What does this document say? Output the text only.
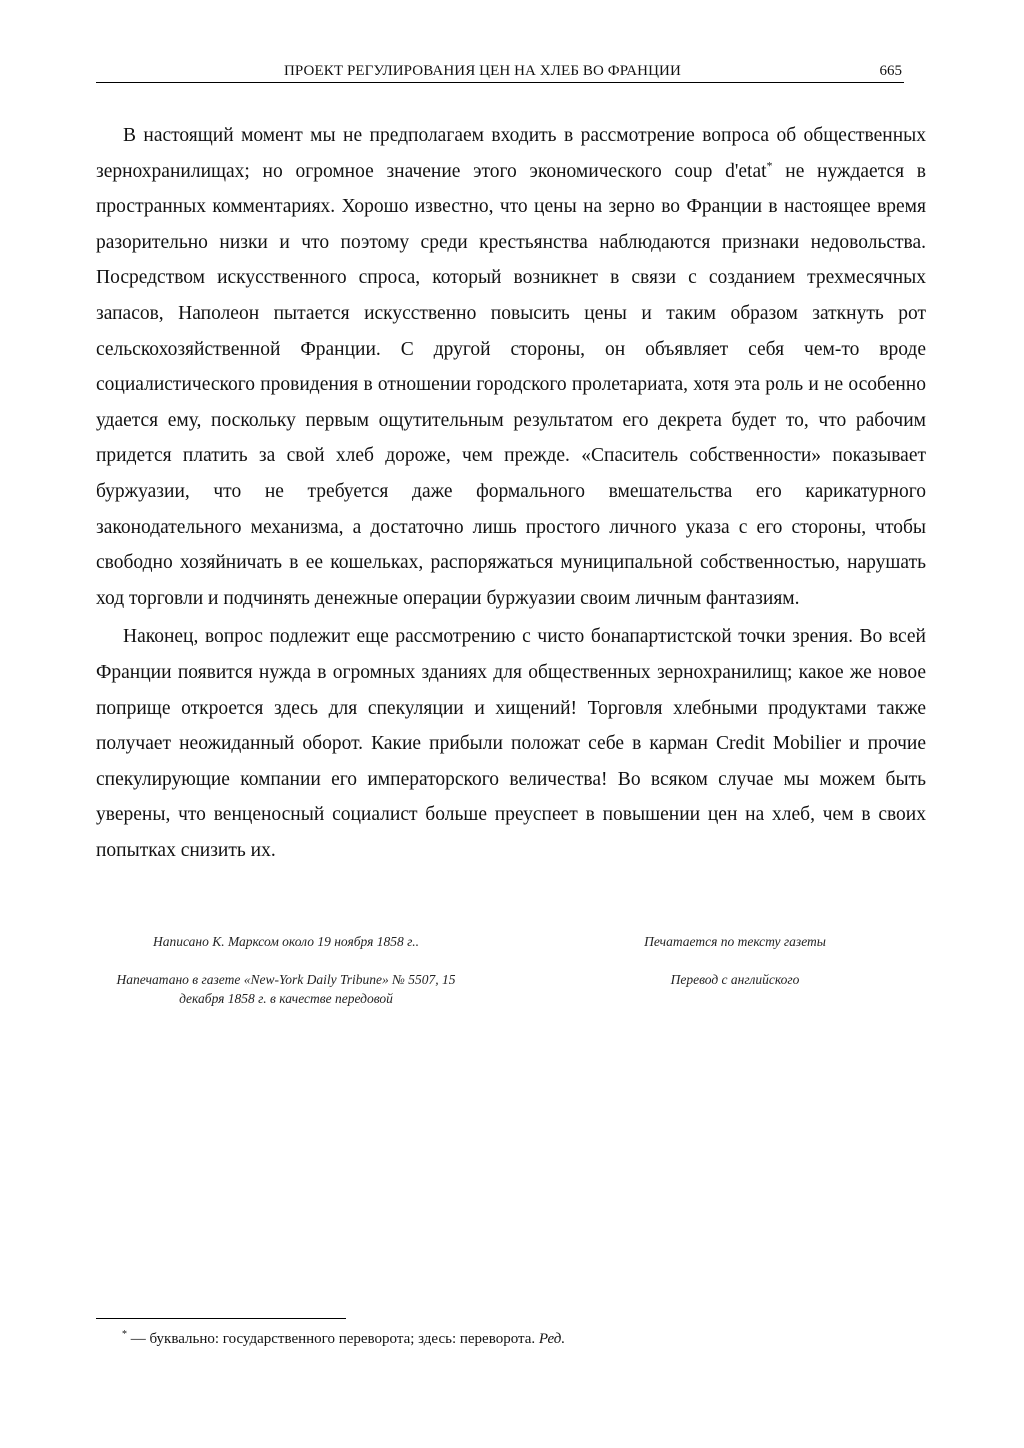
ПРОЕКТ РЕГУЛИРОВАНИЯ ЦЕН НА ХЛЕБ ВО ФРАНЦИИ	665

В настоящий момент мы не предполагаем входить в рассмотрение вопроса об общественных зернохранилищах; но огромное значение этого экономического coup d'etat* не нуждается в пространных комментариях. Хорошо известно, что цены на зерно во Франции в настоящее время разорительно низки и что поэтому среди крестьянства наблюдаются признаки недовольства. Посредством искусственного спроса, который возникнет в связи с созданием трехмесячных запасов, Наполеон пытается искусственно повысить цены и таким образом заткнуть рот сельскохозяйственной Франции. С другой стороны, он объявляет себя чем-то вроде социалистического провидения в отношении городского пролетариата, хотя эта роль и не особенно удается ему, поскольку первым ощутительным результатом его декрета будет то, что рабочим придется платить за свой хлеб дороже, чем прежде. «Спаситель собственности» показывает буржуазии, что не требуется даже формального вмешательства его карикатурного законодательного механизма, а достаточно лишь простого личного указа с его стороны, чтобы свободно хозяйничать в ее кошельках, распоряжаться муниципальной собственностью, нарушать ход торговли и подчинять денежные операции буржуазии своим личным фантазиям.

Наконец, вопрос подлежит еще рассмотрению с чисто бонапартистской точки зрения. Во всей Франции появится нужда в огромных зданиях для общественных зернохранилищ; какое же новое поприще откроется здесь для спекуляции и хищений! Торговля хлебными продуктами также получает неожиданный оборот. Какие прибыли положат себе в карман Credit Mobilier и прочие спекулирующие компании его императорского величества! Во всяком случае мы можем быть уверены, что венценосный социалист больше преуспеет в повышении цен на хлеб, чем в своих попытках снизить их.

Написано К. Марксом около 19 ноября 1858 г..
Напечатано в газете «New-York Daily Tribune» № 5507, 15 декабря 1858 г. в качестве передовой
Печатается по тексту газеты
Перевод с английского
* — буквально: государственного переворота; здесь: переворота. Ред.
